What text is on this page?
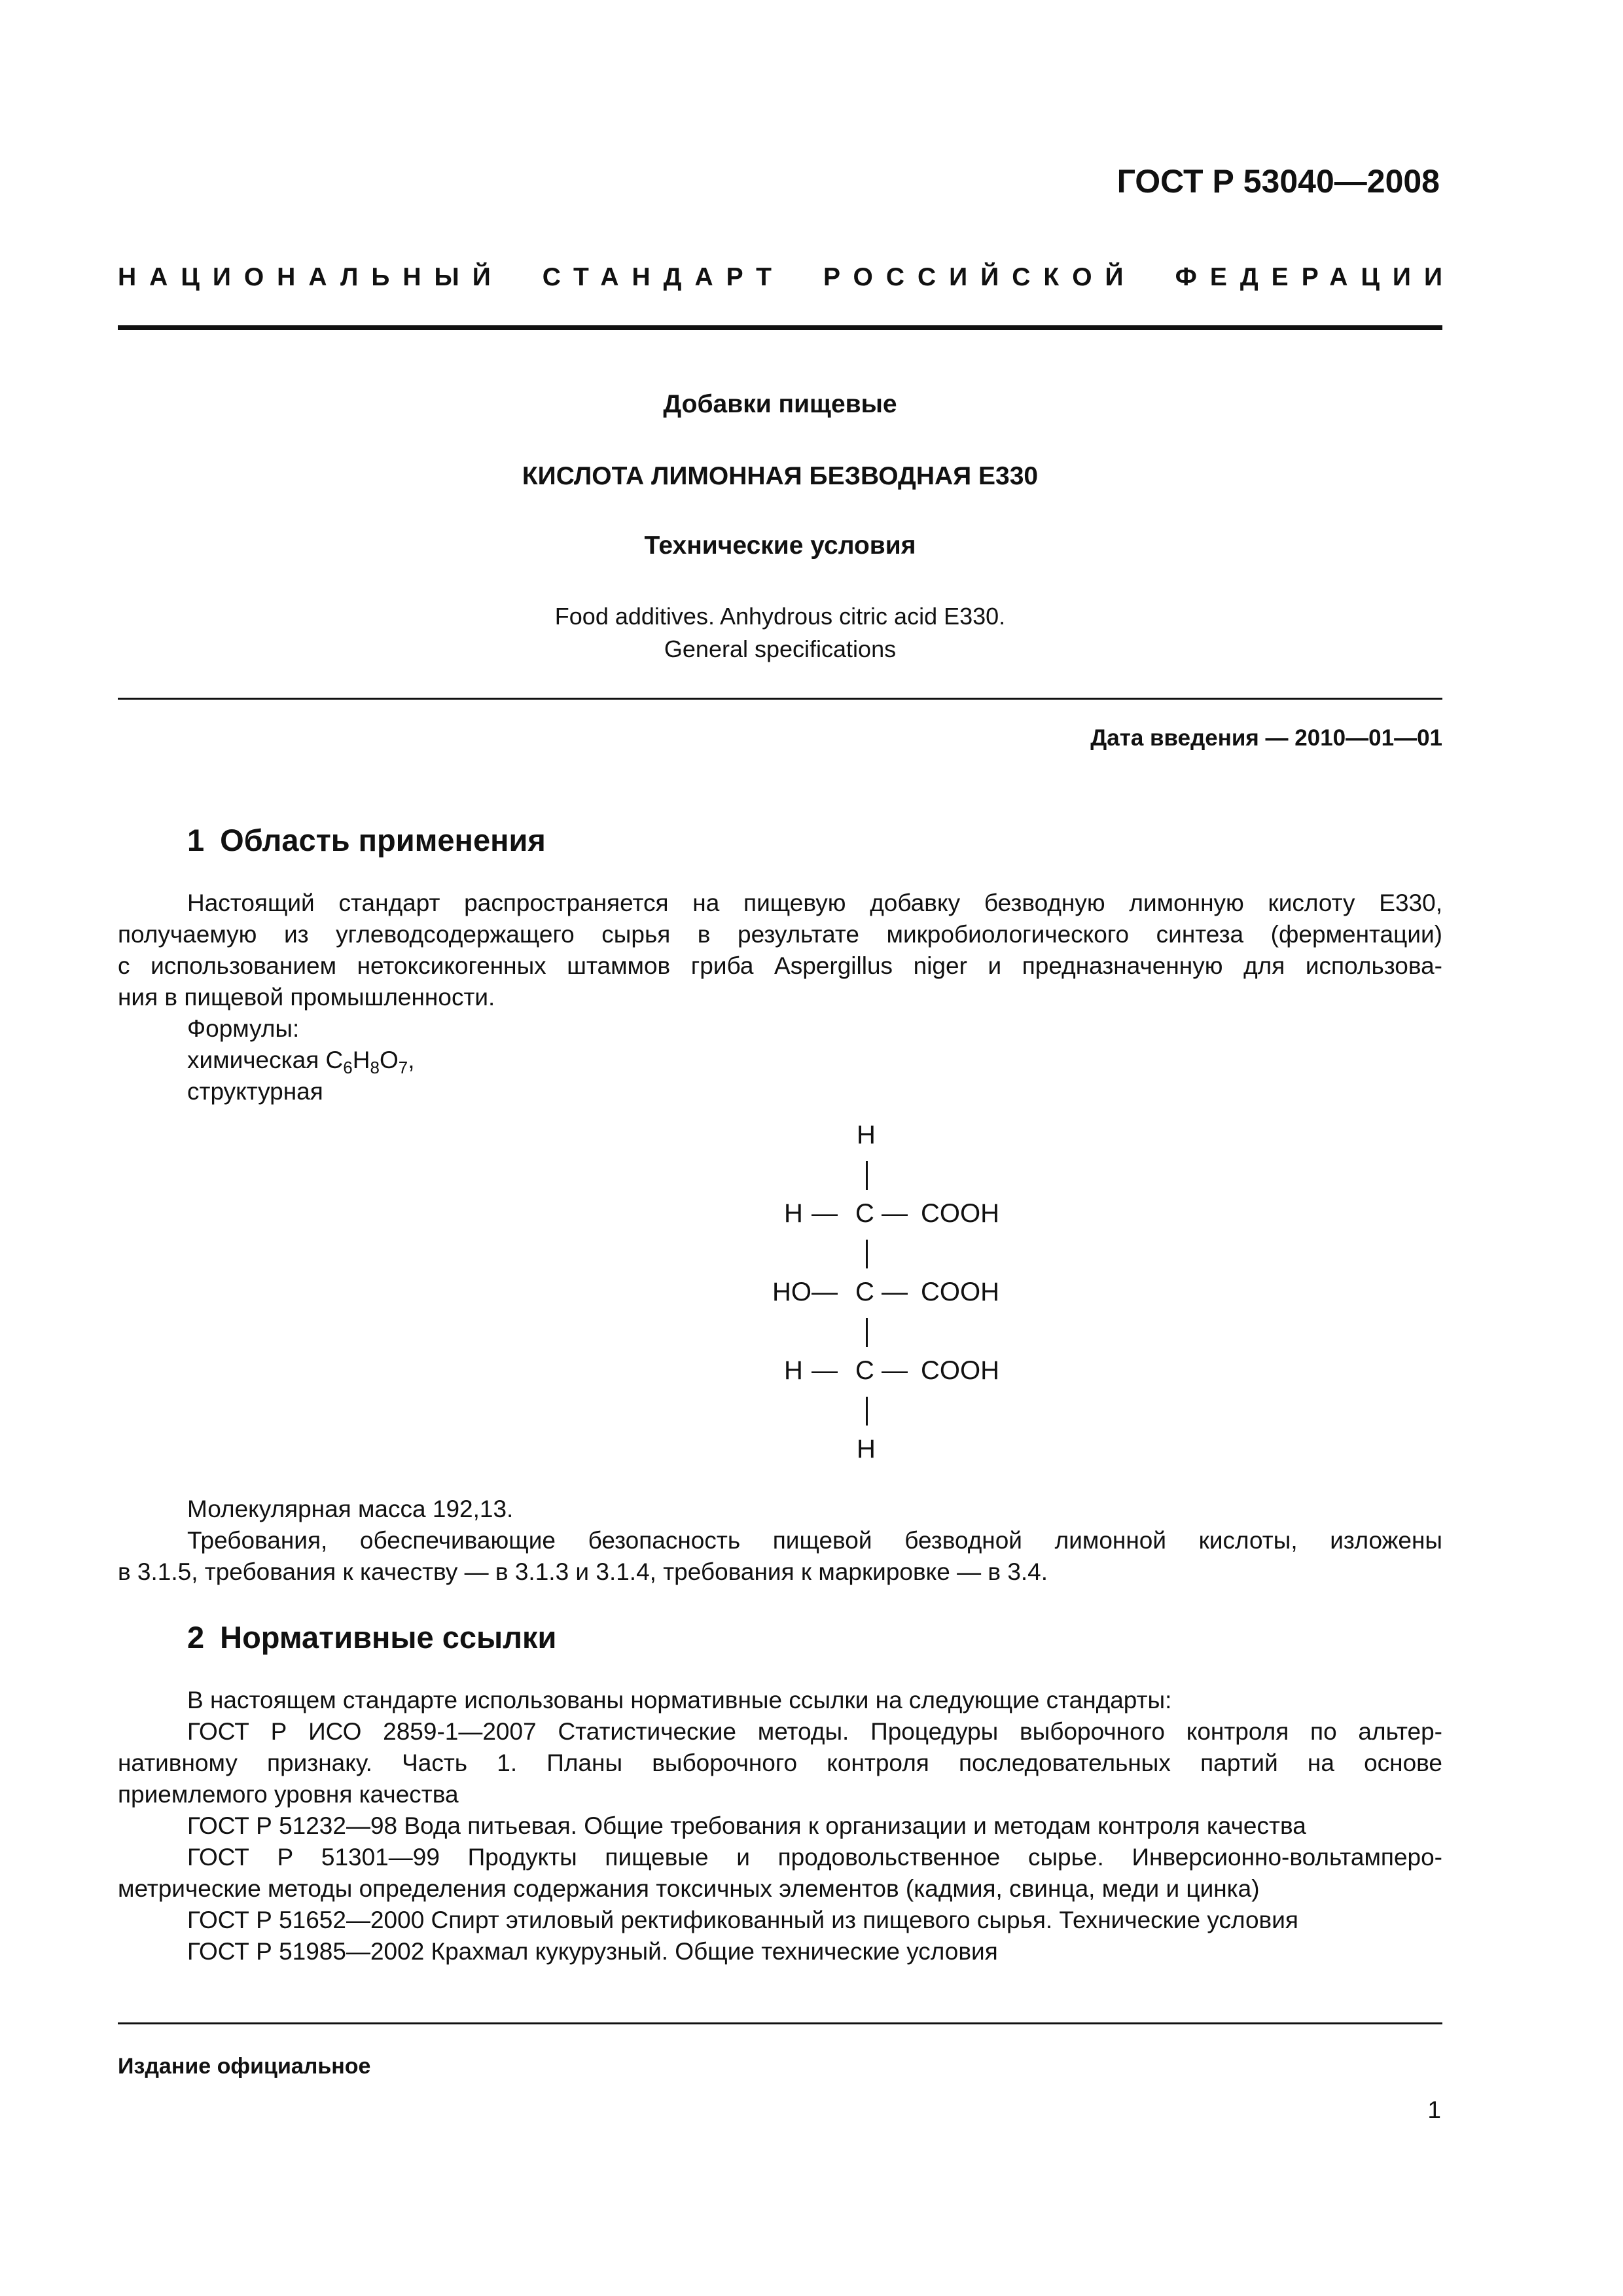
ГОСТ Р 53040—2008
НАЦИОНАЛЬНЫЙ СТАНДАРТ РОССИЙСКОЙ ФЕДЕРАЦИИ
Добавки пищевые
КИСЛОТА ЛИМОННАЯ БЕЗВОДНАЯ Е330
Технические условия
Food additives. Anhydrous citric acid E330.
General specifications
Дата введения — 2010—01—01
1 Область применения

Настоящий стандарт распространяется на пищевую добавку безводную лимонную кислоту Е330,

получаемую из углеводсодержащего сырья в результате микробиологического синтеза (ферментации)

с использованием нетоксикогенных штаммов гриба Aspergillus niger и предназначенную для использова-

ния в пищевой промышленности.

Формулы:

химическая $C_6H_8O_7$,

структурная

H
H — C — COOH
HO — C — COOH
H — C — COOH
H

Молекулярная масса 192,13.

Требования, обеспечивающие безопасность пищевой безводной лимонной кислоты, изложены

в 3.1.5, требования к качеству — в 3.1.3 и 3.1.4, требования к маркировке — в 3.4.

2 Нормативные ссылки

В настоящем стандарте использованы нормативные ссылки на следующие стандарты:

ГОСТ Р ИСО 2859-1—2007 Статистические методы. Процедуры выборочного контроля по альтер-

нативному признаку. Часть 1. Планы выборочного контроля последовательных партий на основе

приемлемого уровня качества

ГОСТ Р 51232—98 Вода питьевая. Общие требования к организации и методам контроля качества

ГОСТ Р 51301—99 Продукты пищевые и продовольственное сырье. Инверсионно-вольтамперо-

метрические методы определения содержания токсичных элементов (кадмия, свинца, меди и цинка)

ГОСТ Р 51652—2000 Спирт этиловый ректификованный из пищевого сырья. Технические условия

ГОСТ Р 51985—2002 Крахмал кукурузный. Общие технические условия

Издание официальное
1
